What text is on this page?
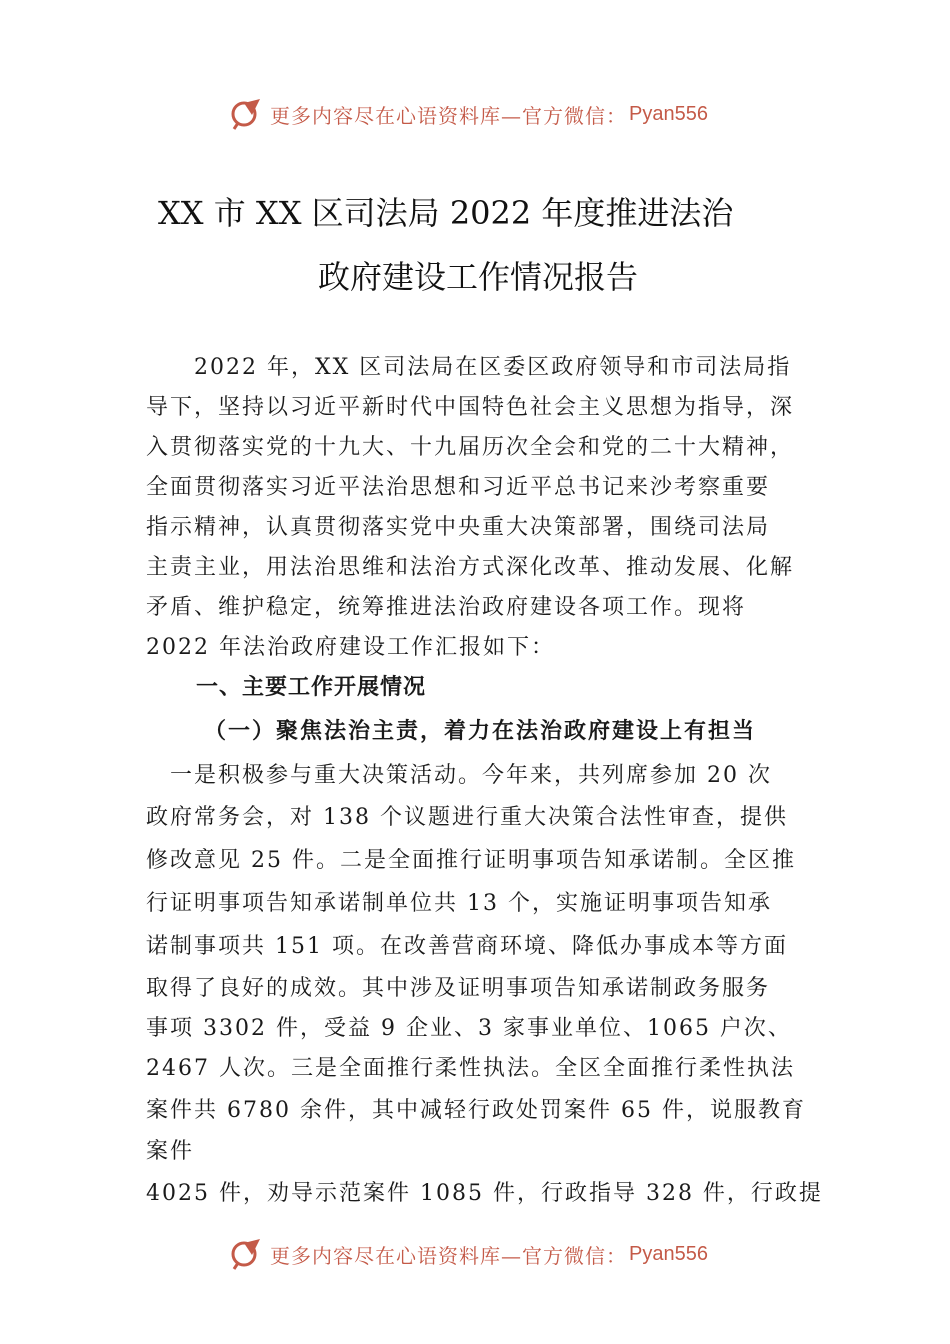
更多内容尽在心语资料库—官方微信： Pyan556
XX 市 XX 区司法局 2022 年度推进法治
政府建设工作情况报告
　　2022 年，XX 区司法局在区委区政府领导和市司法局指
导下，坚持以习近平新时代中国特色社会主义思想为指导，深
入贯彻落实党的十九大、十九届历次全会和党的二十大精神，
全面贯彻落实习近平法治思想和习近平总书记来沙考察重要
指示精神，认真贯彻落实党中央重大决策部署，围绕司法局
主责主业，用法治思维和法治方式深化改革、推动发展、化解
矛盾、维护稳定，统筹推进法治政府建设各项工作。现将
2022 年法治政府建设工作汇报如下：
一、主要工作开展情况
（一）聚焦法治主责，着力在法治政府建设上有担当
　一是积极参与重大决策活动。今年来，共列席参加 20 次
政府常务会，对 138 个议题进行重大决策合法性审查，提供
修改意见 25 件。二是全面推行证明事项告知承诺制。全区推
行证明事项告知承诺制单位共 13 个，实施证明事项告知承
诺制事项共 151 项。在改善营商环境、降低办事成本等方面
取得了良好的成效。其中涉及证明事项告知承诺制政务服务
事项 3302 件，受益 9 企业、3 家事业单位、1065 户次、
2467 人次。三是全面推行柔性执法。全区全面推行柔性执法
案件共 6780 余件，其中减轻行政处罚案件 65 件，说服教育
案件
4025 件，劝导示范案件 1085 件，行政指导 328 件，行政提
更多内容尽在心语资料库—官方微信： Pyan556
